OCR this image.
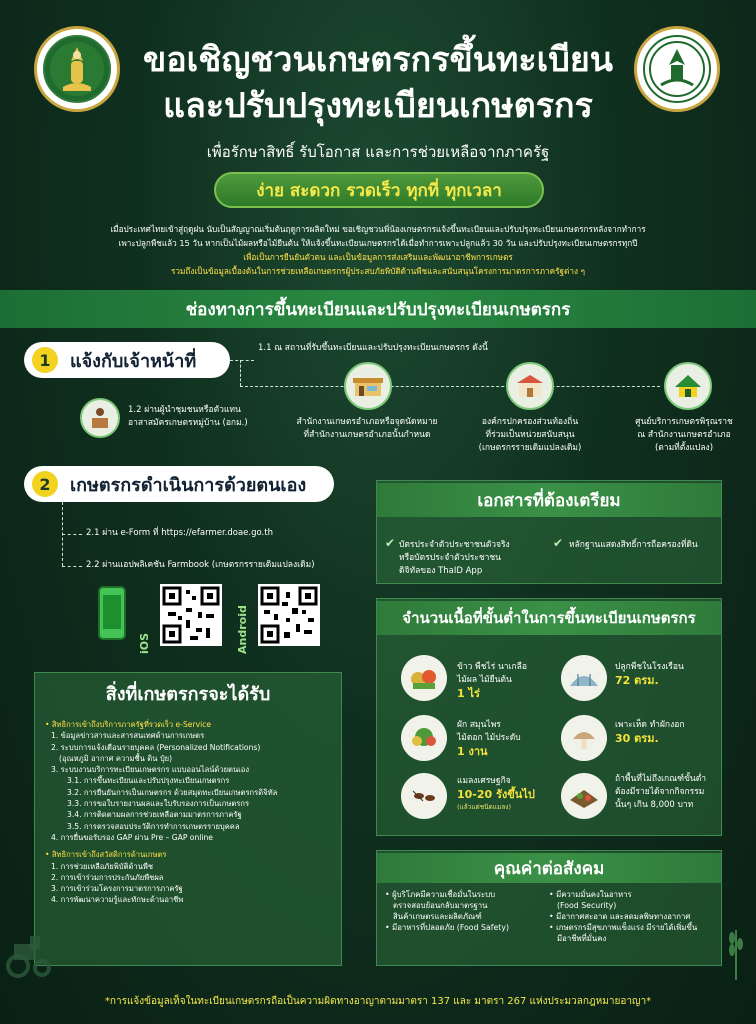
ขอเชิญชวนเกษตรกรขึ้นทะเบียน
และปรับปรุงทะเบียนเกษตรกร
เพื่อรักษาสิทธิ์ รับโอกาส และการช่วยเหลือจากภาครัฐ
ง่าย สะดวก รวดเร็ว ทุกที่ ทุกเวลา
เมื่อประเทศไทยเข้าสู่ฤดูฝน นับเป็นสัญญาณเริ่มต้นฤดูการผลิตใหม่ ขอเชิญชวนพี่น้องเกษตรกรแจ้งขึ้นทะเบียนและปรับปรุงทะเบียนเกษตรกรหลังจากทำการ
เพาะปลูกพืชแล้ว 15 วัน หากเป็นไม้ผลหรือไม้ยืนต้น ให้แจ้งขึ้นทะเบียนเกษตรกรได้เมื่อทำการเพาะปลูกแล้ว 30 วัน และปรับปรุงทะเบียนเกษตรกรทุกปี
เพื่อเป็นการยืนยันตัวตน และเป็นข้อมูลการส่งเสริมและพัฒนาอาชีพการเกษตร
รวมถึงเป็นข้อมูลเบื้องต้นในการช่วยเหลือเกษตรกรผู้ประสบภัยพิบัติด้านพืชและสนับสนุนโครงการมาตรการภาครัฐต่าง ๆ
ช่องทางการขึ้นทะเบียนและปรับปรุงทะเบียนเกษตรกร
1	แจ้งกับเจ้าหน้าที่
1.1 ณ สถานที่รับขึ้นทะเบียนและปรับปรุงทะเบียนเกษตรกร ดังนี้
สำนักงานเกษตรอำเภอหรือจุดนัดหมาย
ที่สำนักงานเกษตรอำเภอนั้นกำหนด
องค์กรปกครองส่วนท้องถิ่น
ที่ร่วมเป็นหน่วยสนับสนุน
(เกษตรกรรายเดิมแปลงเดิม)
ศูนย์บริการเกษตรพิรุณราช
ณ สำนักงานเกษตรอำเภอ
(ตามที่ตั้งแปลง)
1.2 ผ่านผู้นำชุมชนหรือตัวแทน
อาสาสมัครเกษตรหมู่บ้าน (อกม.)
2	เกษตรกรดำเนินการด้วยตนเอง
2.1 ผ่าน e-Form ที่ https://efarmer.doae.go.th
2.2 ผ่านแอปพลิเคชัน Farmbook (เกษตรกรรายเดิมแปลงเดิม)
iOS	Android
เอกสารที่ต้องเตรียม
✔ บัตรประจำตัวประชาชนตัวจริง
หรือบัตรประจำตัวประชาชน
ดิจิทัลของ ThaID App
✔ หลักฐานแสดงสิทธิ์การถือครองที่ดิน
จำนวนเนื้อที่ขั้นต่ำในการขึ้นทะเบียนเกษตรกร
ข้าว พืชไร่ นาเกลือ
ไม้ผล ไม้ยืนต้น
1 ไร่
ผัก สมุนไพร
ไม้ดอก ไม้ประดับ
1 งาน
แมลงเศรษฐกิจ
10-20 รังขึ้นไป
(แล้วแต่ชนิดแมลง)
ปลูกพืชในโรงเรือน
72 ตรม.
เพาะเห็ด ทำผักงอก
30 ตรม.
ถ้าพื้นที่ไม่ถึงเกณฑ์ขั้นต่ำ
ต้องมีรายได้จากกิจกรรม
นั้นๆ เกิน 8,000 บาท
สิ่งที่เกษตรกรจะได้รับ
• สิทธิการเข้าถึงบริการภาครัฐที่รวดเร็ว e-Service
1. ข้อมูลข่าวสารและสารสนเทศด้านการเกษตร
2. ระบบการแจ้งเตือนรายบุคคล (Personalized Notifications)
(อุณหภูมิ อากาศ ความชื้น ดิน ปุ๋ย)
3. ระบบงานบริการทะเบียนเกษตรกร แบบออนไลน์ด้วยตนเอง
3.1. การขึ้นทะเบียนและปรับปรุงทะเบียนเกษตรกร
3.2. การยืนยันการเป็นเกษตรกร ด้วยสมุดทะเบียนเกษตรกรดิจิทัล
3.3. การขอใบรายงานผลและใบรับรองการเป็นเกษตรกร
3.4. การติดตามผลการช่วยเหลือตามมาตรการภาครัฐ
3.5. การตรวจสอบประวัติการทำการเกษตรรายบุคคล
4. การยื่นขอรับรอง GAP ผ่าน Pre – GAP online
• สิทธิการเข้าถึงสวัสดิการด้านเกษตร
1. การช่วยเหลือภัยพิบัติด้านพืช
2. การเข้าร่วมการประกันภัยพืชผล
3. การเข้าร่วมโครงการมาตรการภาครัฐ
4. การพัฒนาความรู้และทักษะด้านอาชีพ
คุณค่าต่อสังคม
• ผู้บริโภคมีความเชื่อมั่นในระบบ
ตรวจสอบย้อนกลับมาตรฐาน
สินค้าเกษตรและผลิตภัณฑ์
• มีอาหารที่ปลอดภัย (Food Safety)
• มีความมั่นคงในอาหาร
(Food Security)
• มีอากาศสะอาด และลดมลพิษทางอากาศ
• เกษตรกรมีสุขภาพแข็งแรง มีรายได้เพิ่มขึ้น
มีอาชีพที่มั่นคง
*การแจ้งข้อมูลเท็จในทะเบียนเกษตรกรถือเป็นความผิดทางอาญาตามมาตรา 137 และ มาตรา 267 แห่งประมวลกฎหมายอาญา*
